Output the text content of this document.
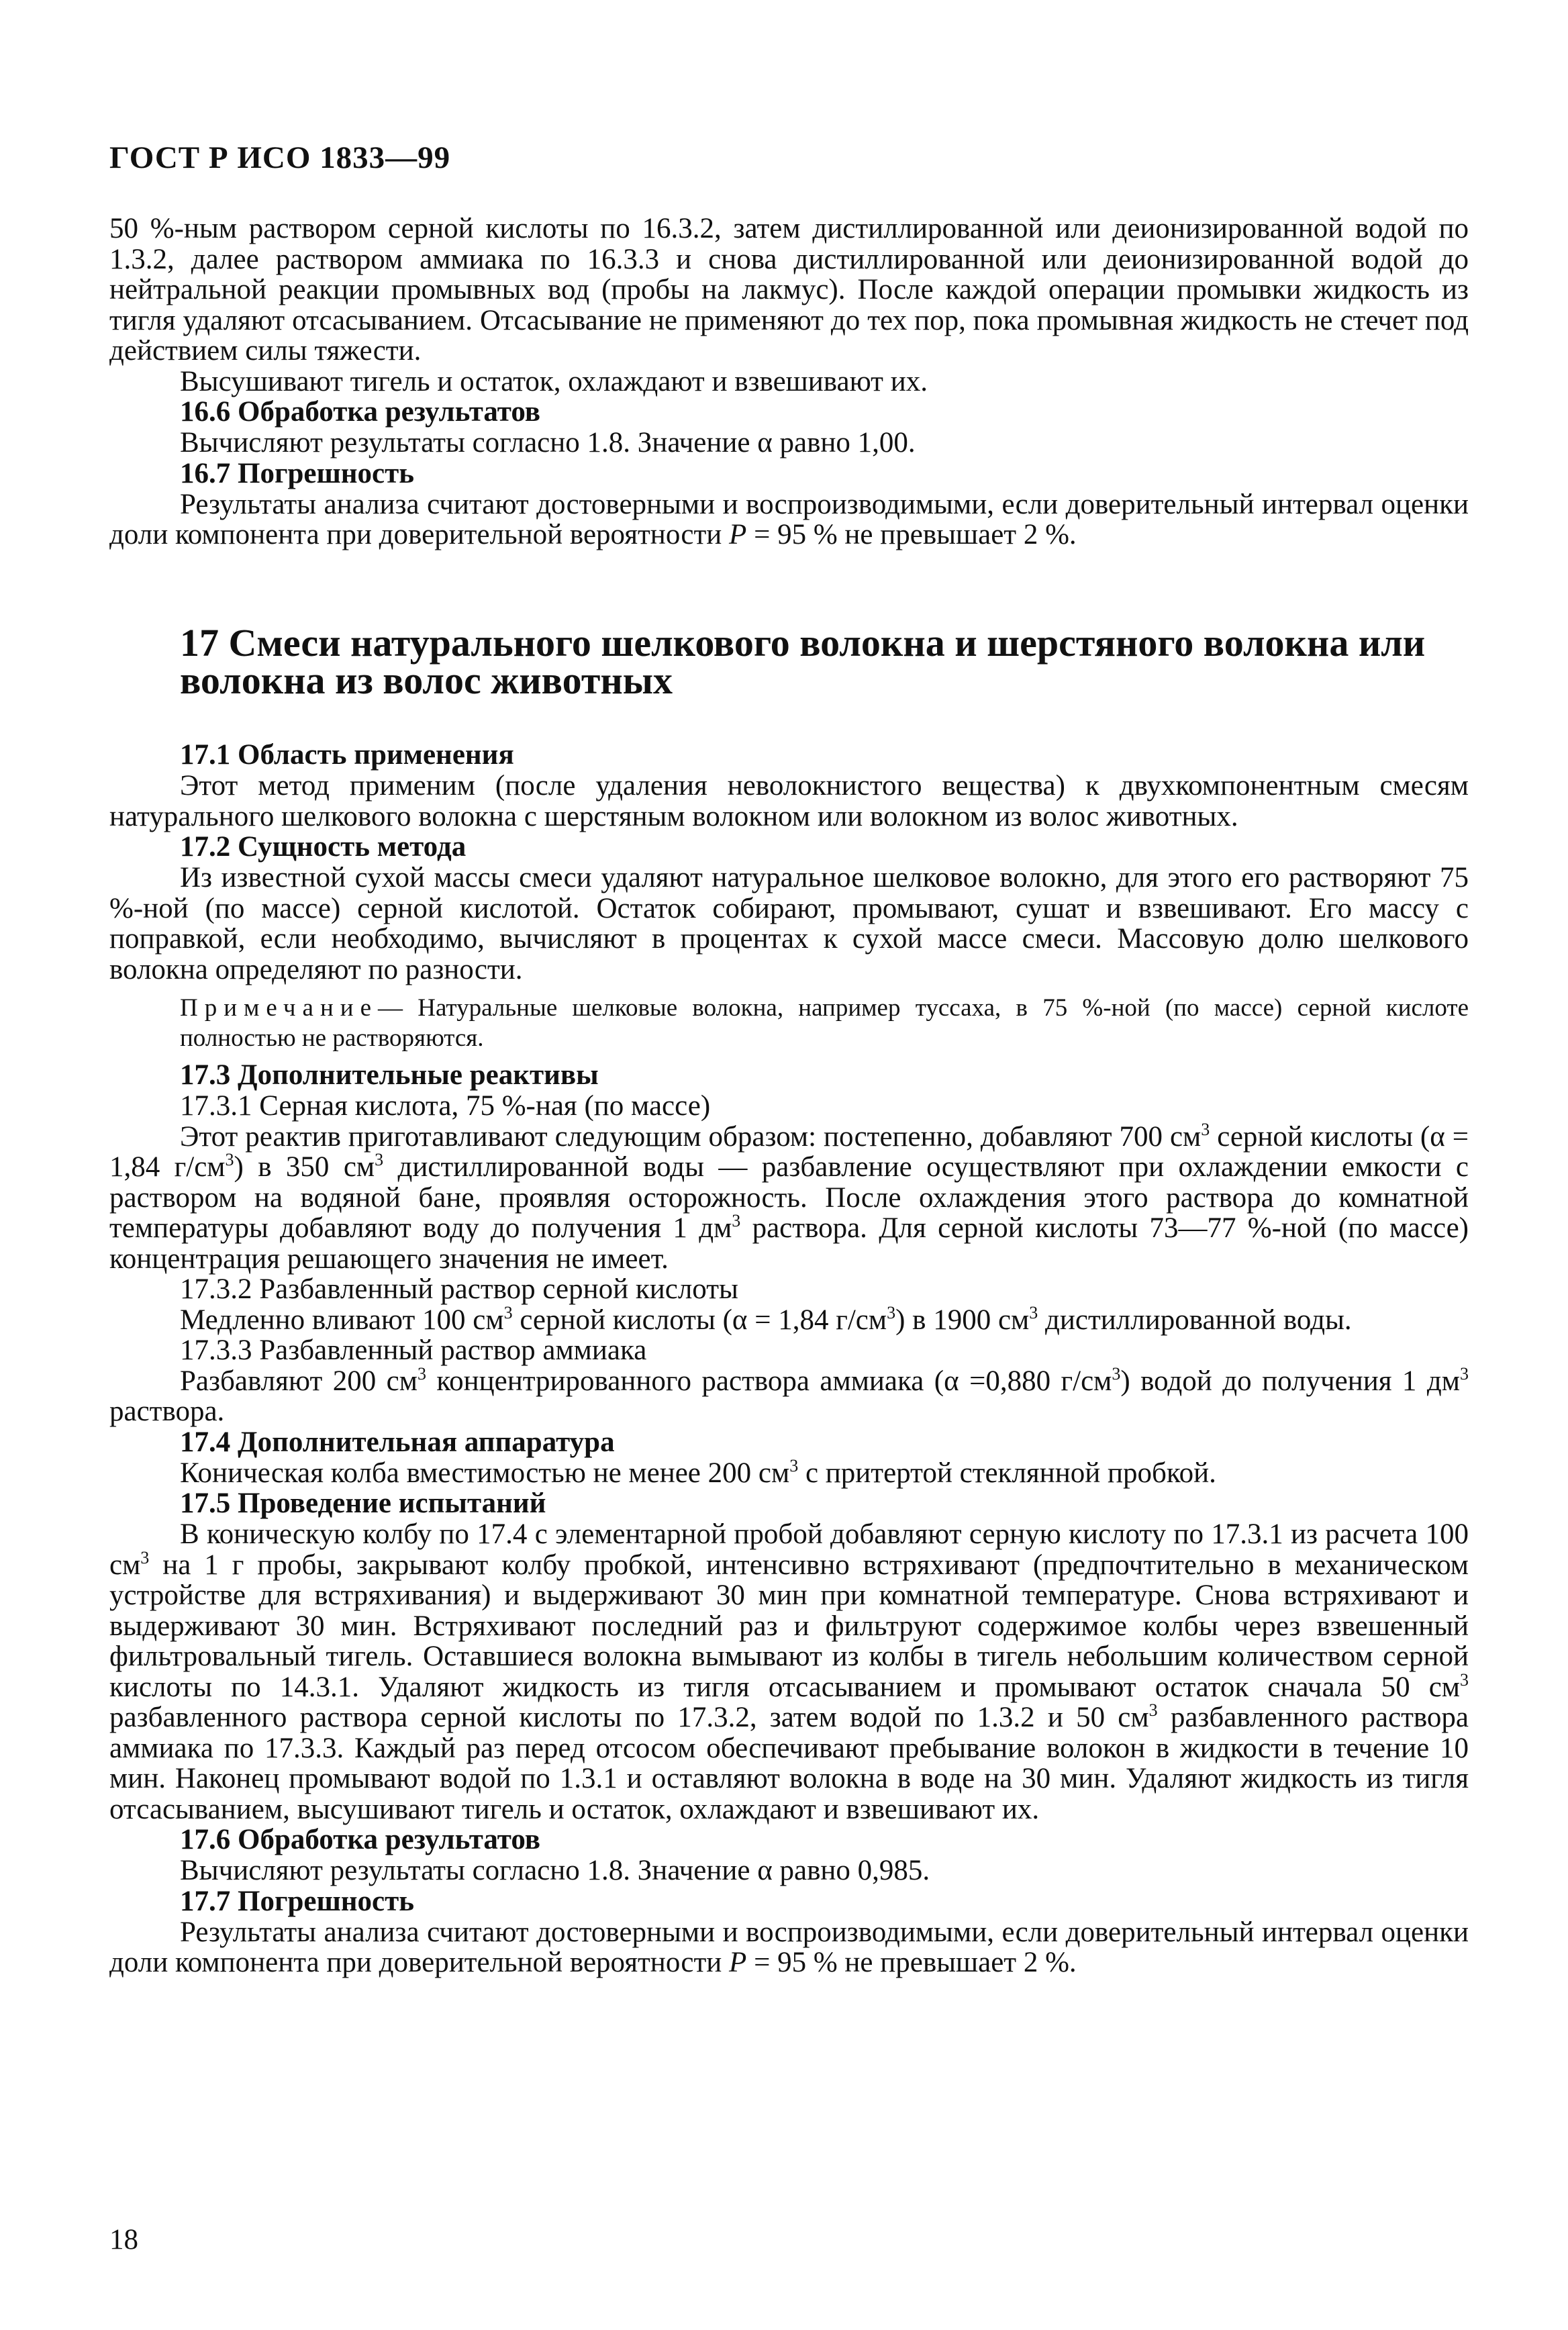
ГОСТ Р ИСО 1833—99

50 %-ным раствором серной кислоты по 16.3.2, затем дистиллированной или деионизированной водой по 1.3.2, далее раствором аммиака по 16.3.3 и снова дистиллированной или деионизированной водой до нейтральной реакции промывных вод (пробы на лакмус). После каждой операции промывки жидкость из тигля удаляют отсасыванием. Отсасывание не применяют до тех пор, пока промывная жидкость не стечет под действием силы тяжести.

Высушивают тигель и остаток, охлаждают и взвешивают их.

16.6 Обработка результатов

Вычисляют результаты согласно 1.8. Значение α равно 1,00.

16.7 Погрешность

Результаты анализа считают достоверными и воспроизводимыми, если доверительный интервал оценки доли компонента при доверительной вероятности P = 95 % не превышает 2 %.

17 Смеси натурального шелкового волокна и шерстяного волокна или волокна из волос животных

17.1 Область применения

Этот метод применим (после удаления неволокнистого вещества) к двухкомпонентным смесям натурального шелкового волокна с шерстяным волокном или волокном из волос животных.

17.2 Сущность метода

Из известной сухой массы смеси удаляют натуральное шелковое волокно, для этого его растворяют 75 %-ной (по массе) серной кислотой. Остаток собирают, промывают, сушат и взвешивают. Его массу с поправкой, если необходимо, вычисляют в процентах к сухой массе смеси. Массовую долю шелкового волокна определяют по разности.

Примечание— Натуральные шелковые волокна, например туссаха, в 75 %-ной (по массе) серной кислоте полностью не растворяются.

17.3 Дополнительные реактивы

17.3.1 Серная кислота, 75 %-ная (по массе)

Этот реактив приготавливают следующим образом: постепенно, добавляют 700 $см^3$ серной кислоты (α = 1,84 $г/см^3$) в 350 $см^3$ дистиллированной воды — разбавление осуществляют при охлаждении емкости с раствором на водяной бане, проявляя осторожность. После охлаждения этого раствора до комнатной температуры добавляют воду до получения 1 $дм^3$ раствора. Для серной кислоты 73—77 %-ной (по массе) концентрация решающего значения не имеет.

17.3.2 Разбавленный раствор серной кислоты

Медленно вливают 100 $см^3$ серной кислоты (α = 1,84 $г/см^3$) в 1900 $см^3$ дистиллированной воды.

17.3.3 Разбавленный раствор аммиака

Разбавляют 200 $см^3$ концентрированного раствора аммиака (α =0,880 $г/см^3$) водой до получения 1 $дм^3$ раствора.

17.4 Дополнительная аппаратура

Коническая колба вместимостью не менее 200 $см^3$ с притертой стеклянной пробкой.

17.5 Проведение испытаний

В коническую колбу по 17.4 с элементарной пробой добавляют серную кислоту по 17.3.1 из расчета 100 $см^3$ на 1 г пробы, закрывают колбу пробкой, интенсивно встряхивают (предпочтительно в механическом устройстве для встряхивания) и выдерживают 30 мин при комнатной температуре. Снова встряхивают и выдерживают 30 мин. Встряхивают последний раз и фильтруют содержимое колбы через взвешенный фильтровальный тигель. Оставшиеся волокна вымывают из колбы в тигель небольшим количеством серной кислоты по 14.3.1. Удаляют жидкость из тигля отсасыванием и промывают остаток сначала 50 $см^3$ разбавленного раствора серной кислоты по 17.3.2, затем водой по 1.3.2 и 50 $см^3$ разбавленного раствора аммиака по 17.3.3. Каждый раз перед отсосом обеспечивают пребывание волокон в жидкости в течение 10 мин. Наконец промывают водой по 1.3.1 и оставляют волокна в воде на 30 мин. Удаляют жидкость из тигля отсасыванием, высушивают тигель и остаток, охлаждают и взвешивают их.

17.6 Обработка результатов

Вычисляют результаты согласно 1.8. Значение α равно 0,985.

17.7 Погрешность

Результаты анализа считают достоверными и воспроизводимыми, если доверительный интервал оценки доли компонента при доверительной вероятности P = 95 % не превышает 2 %.

18
